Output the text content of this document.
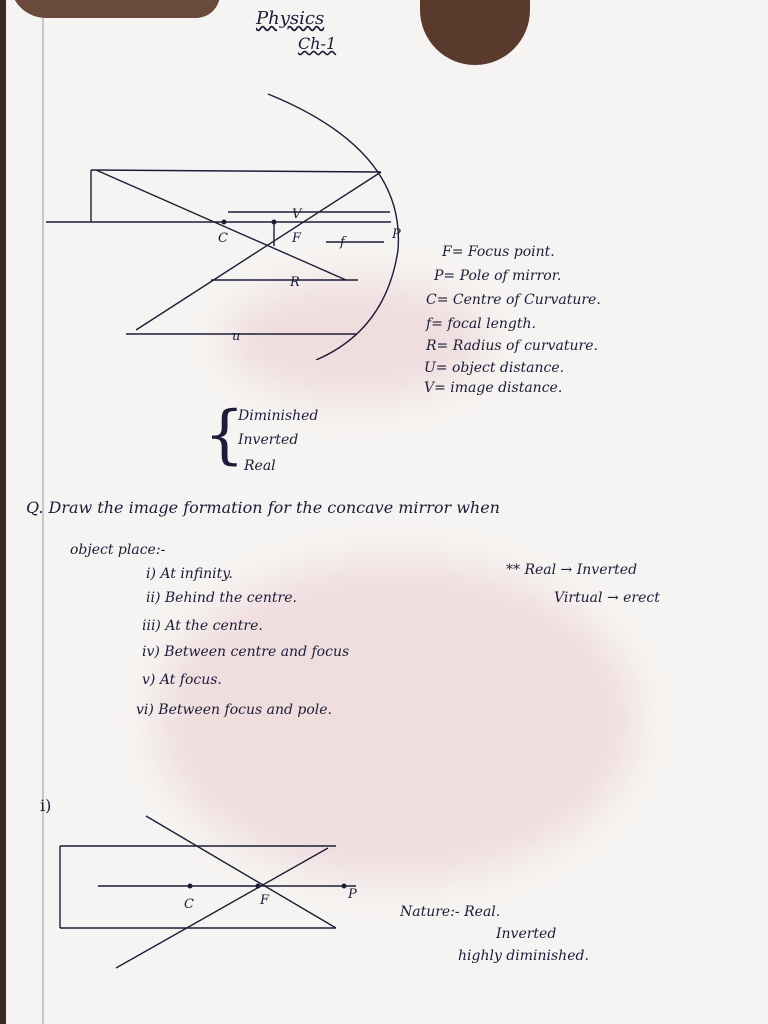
Physics
Ch-1
C	F	f
P
V
R
u
F= Focus point.
P= Pole of mirror.
C= Centre of Curvature.
f= focal length.
R= Radius of curvature.
U= object distance.
V= image distance.
{
Diminished
Inverted
Real
Q. Draw the image formation for the concave mirror when
object place:-
i) At infinity.
ii) Behind the centre.
iii) At the centre.
iv) Between centre and focus
v) At focus.
vi) Between focus and pole.
** Real → Inverted
Virtual → erect
i)
C	F	P
Nature:- Real.
Inverted
highly diminished.
